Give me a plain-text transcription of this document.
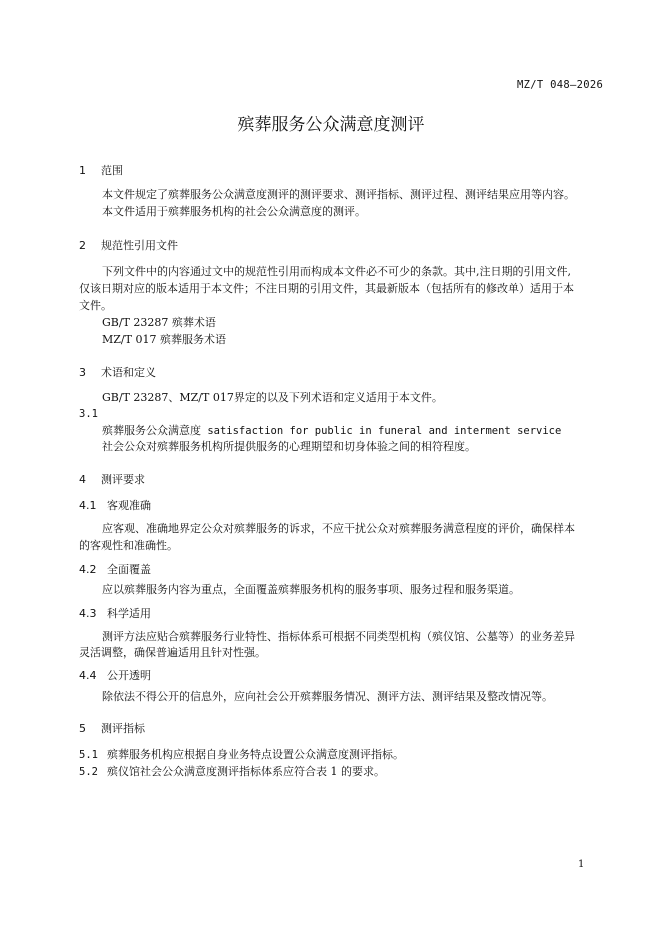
MZ/T 048—2026
殡葬服务公众满意度测评
1 范围
本文件规定了殡葬服务公众满意度测评的测评要求、测评指标、测评过程、测评结果应用等内容。
本文件适用于殡葬服务机构的社会公众满意度的测评。
2 规范性引用文件
下列文件中的内容通过文中的规范性引用而构成本文件必不可少的条款。其中,注日期的引用文件,
仅该日期对应的版本适用于本文件；不注日期的引用文件，其最新版本（包括所有的修改单）适用于本
文件。
GB/T 23287 殡葬术语
MZ/T 017 殡葬服务术语
3 术语和定义
GB/T 23287、MZ/T 017界定的以及下列术语和定义适用于本文件。
3.1
殡葬服务公众满意度 satisfaction for public in funeral and interment service
社会公众对殡葬服务机构所提供服务的心理期望和切身体验之间的相符程度。
4 测评要求
4.1 客观准确
应客观、准确地界定公众对殡葬服务的诉求，不应干扰公众对殡葬服务满意程度的评价，确保样本
的客观性和准确性。
4.2 全面覆盖
应以殡葬服务内容为重点，全面覆盖殡葬服务机构的服务事项、服务过程和服务渠道。
4.3 科学适用
测评方法应贴合殡葬服务行业特性、指标体系可根据不同类型机构（殡仪馆、公墓等）的业务差异
灵活调整，确保普遍适用且针对性强。
4.4 公开透明
除依法不得公开的信息外，应向社会公开殡葬服务情况、测评方法、测评结果及整改情况等。
5 测评指标
5.1 殡葬服务机构应根据自身业务特点设置公众满意度测评指标。
5.2 殡仪馆社会公众满意度测评指标体系应符合表 1 的要求。
1
